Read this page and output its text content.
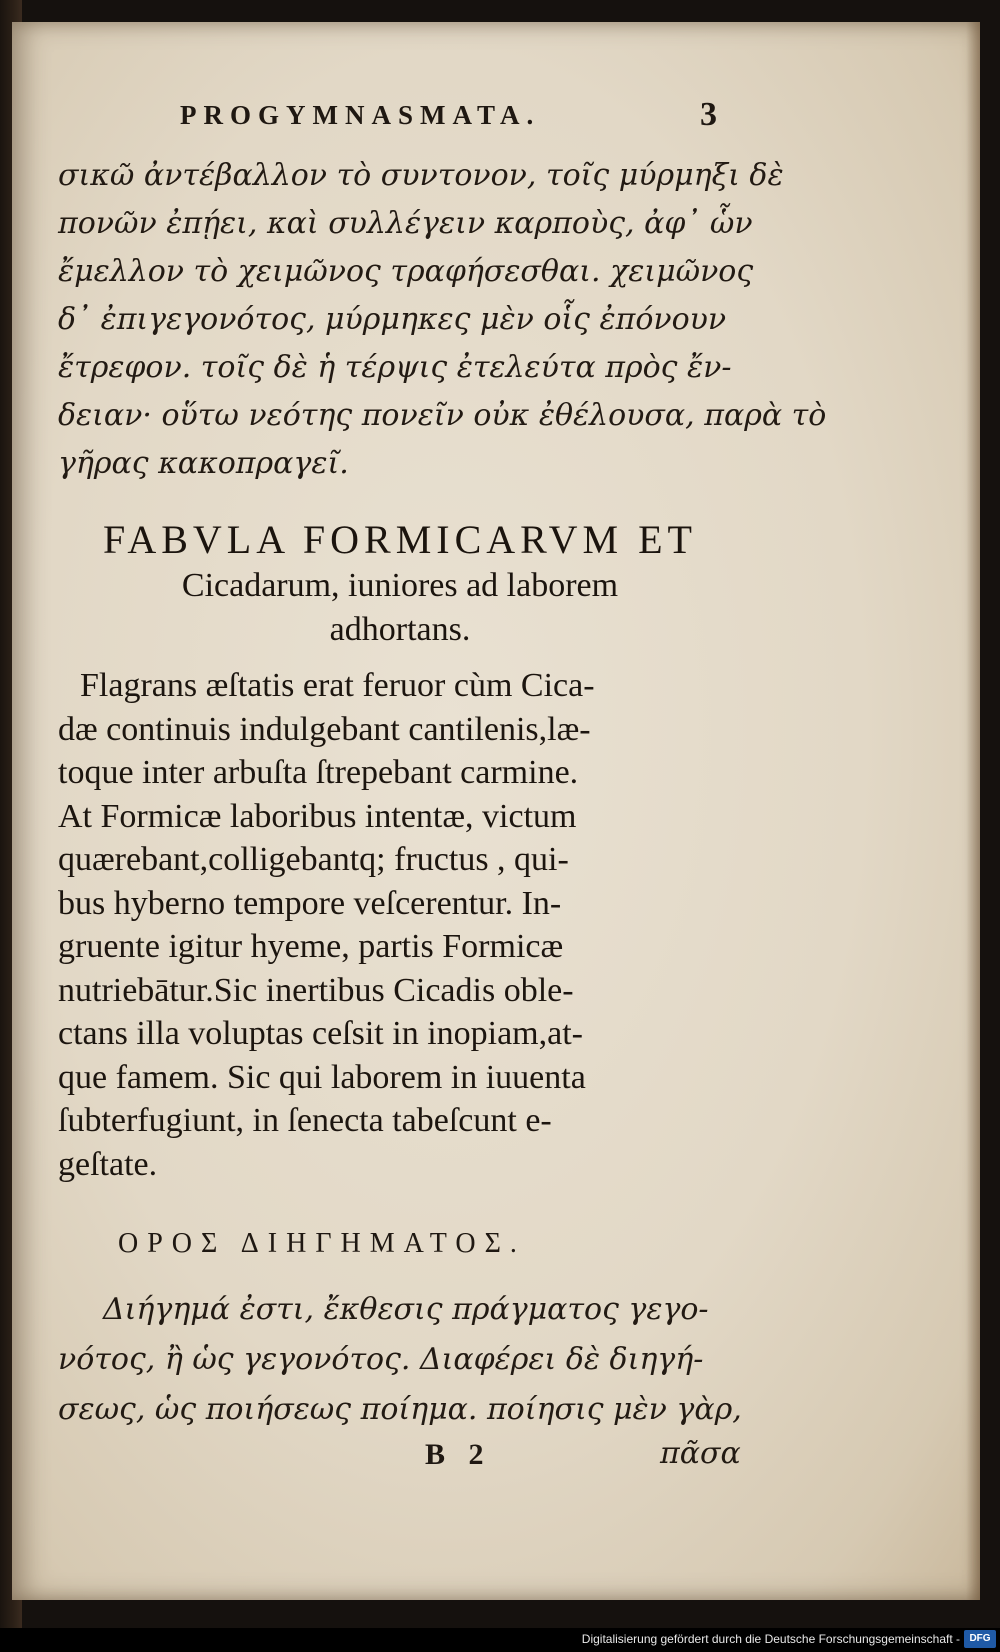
PROGYMNASMATA.	3
σικῶ ἀντέβαλλον τὸ συντονον, τοῖς μύρμηξι δὲ
πονῶν ἐπῄει, καὶ συλλέγειν καρποὺς, ἀφ᾽ ὧν
ἔμελλον τὸ χειμῶνος τραφήσεσθαι. χειμῶνος
δ᾽ ἐπιγεγονότος, μύρμηκες μὲν οἷς ἐπόνουν
ἔτρεφον. τοῖς δὲ ἡ τέρψις ἐτελεύτα πρὸς ἔν-
δειαν· οὕτω νεότης πονεῖν οὐκ ἐθέλουσα, παρὰ τὸ
γῆρας κακοπραγεῖ.
FABVLA FORMICARVM ET
Cicadarum, iuniores ad laborem
adhortans.
Flagrans æſtatis erat feruor cùm Cica-
dæ continuis indulgebant cantilenis,læ-
toque inter arbuſta ſtrepebant carmine.
At Formicæ laboribus intentæ, victum
quærebant,colligebantq; fructus , qui-
bus hyberno tempore veſcerentur. In-
gruente igitur hyeme, partis Formicæ
nutriebātur.Sic inertibus Cicadis oble-
ctans illa voluptas ceſsit in inopiam,at-
que famem. Sic qui laborem in iuuenta
ſubterfugiunt, in ſenecta tabeſcunt e-
geſtate.
ΟΡΟΣ ΔΙΗΓΗΜΑΤΟΣ.
Διήγημά ἐστι, ἔκθεσις πράγματος γεγο-
νότος, ἢ ὡς γεγονότος. Διαφέρει δὲ διηγή-
σεως, ὡς ποιήσεως ποίημα. ποίησις μὲν γὰρ,
B 2	πᾶσα
Digitalisierung gefördert durch die Deutsche Forschungsgemeinschaft - DFG
